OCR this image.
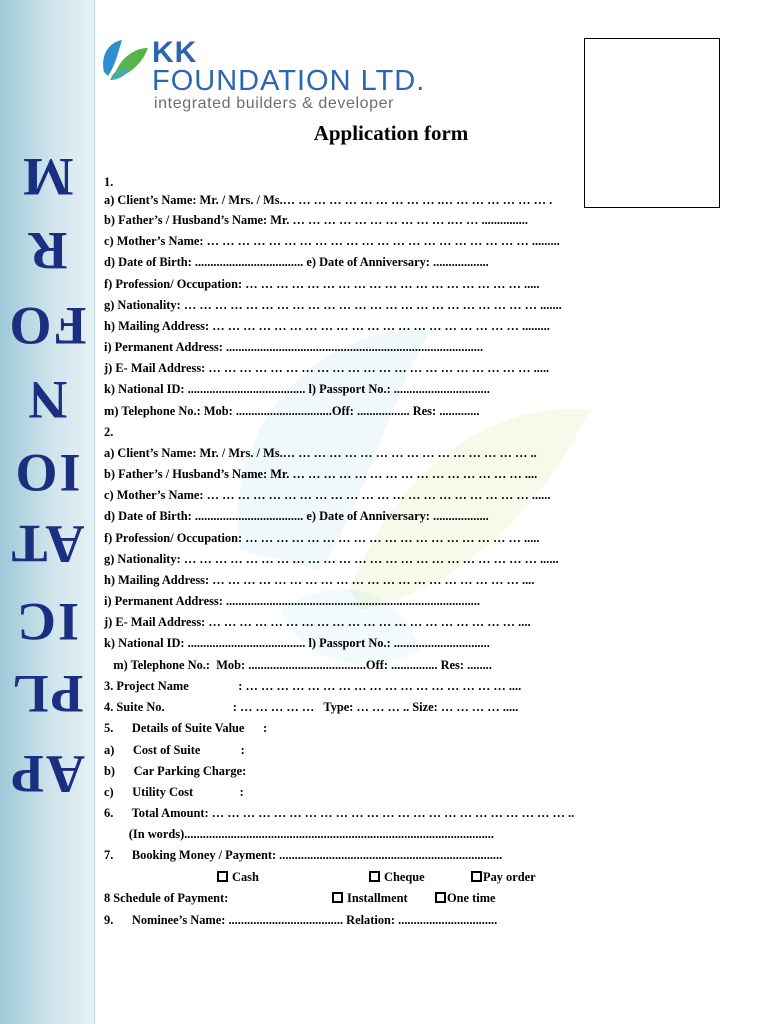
AP
PL
IC
AT
IO
N
FO
R
M
KK
FOUNDATION LTD.
integrated builders & developer
Application form
1.
a) Client’s Name: Mr. / Mrs. / Ms.… … … … … … … … … … .… … … … … … … .
b) Father’s / Husband’s Name: Mr. … … … … … … … … … … .… … ...............
c) Mother’s Name: … … … … … … … … … … … … … … … … … … … … … .........
d) Date of Birth: ................................... e) Date of Anniversary: ..................
f) Profession/ Occupation: … … … … … … … … … … … … … … … … … … .....
g) Nationality: … … … … … … … … … … … … … … … … … … … … … … … .......
h) Mailing Address: … … … … … … … … … … … … … … … … … … … … .........
i) Permanent Address: ...................................................................................
j) E- Mail Address: … … … … … … … … … … … … … … … … … … … … … .....
k) National ID: ...................................... l) Passport No.: ...............................
m) Telephone No.: Mob: ...............................Off: ................. Res: .............
2.
a) Client’s Name: Mr. / Mrs. / Ms.… … … … … … … … … … … … … … … … ..
b) Father’s / Husband’s Name: Mr. … … … … … … … … … … … … … … … ....
c) Mother’s Name: … … … … … … … … … … … … … … … … … … … … … ......
d) Date of Birth: ................................... e) Date of Anniversary: ..................
f) Profession/ Occupation: … … … … … … … … … … … … … … … … … … .....
g) Nationality: … … … … … … … … … … … … … … … … … … … … … … … ......
h) Mailing Address: … … … … … … … … … … … … … … … … … … … … ....
i) Permanent Address: ..................................................................................
j) E- Mail Address: … … … … … … … … … … … … … … … … … … … … ....
k) National ID: ...................................... l) Passport No.: ...............................
m) Telephone No.:  Mob: ......................................Off: ............... Res: ........
3. Project Name                : … … … … … … … … … … … … … … … … … ....
4. Suite No.                      : … … … … …   Type: … … … .. Size: … … … … .....
5.      Details of Suite Value      :
a)      Cost of Suite             :
b)      Car Parking Charge:
c)      Utility Cost               :
6.      Total Amount: … … … … … … … … … … … … … … … … … … … … … … … ..
(In words)....................................................................................................
7.      Booking Money / Payment: ........................................................................
Cash	Cheque	Pay order
8 Schedule of Payment:	Installment	One time
9.      Nominee’s Name: ..................................... Relation: ................................
